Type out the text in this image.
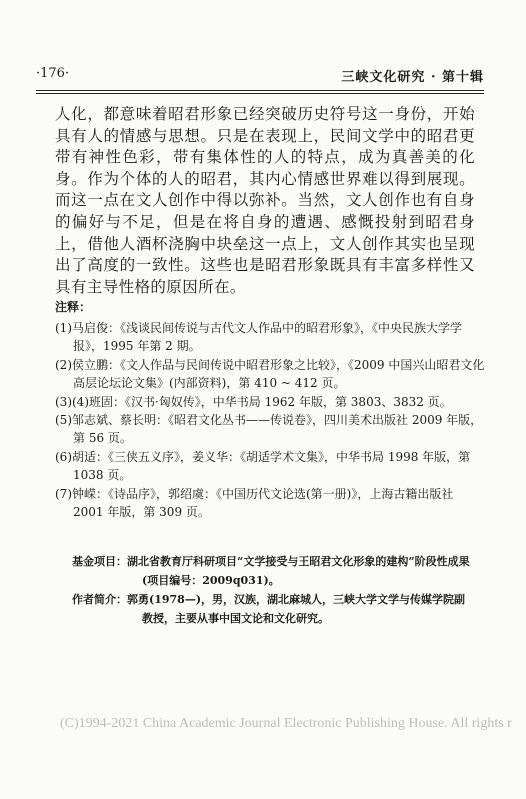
·176·	三峡文化研究 · 第十辑

人化，都意味着昭君形象已经突破历史符号这一身份，开始具有人的情感与思想。只是在表现上，民间文学中的昭君更带有神性色彩，带有集体性的人的特点，成为真善美的化身。作为个体的人的昭君，其内心情感世界难以得到展现。而这一点在文人创作中得以弥补。当然，文人创作也有自身的偏好与不足，但是在将自身的遭遇、感慨投射到昭君身上，借他人酒杯浇胸中块垒这一点上，文人创作其实也呈现出了高度的一致性。这些也是昭君形象既具有丰富多样性又具有主导性格的原因所在。

注释：

(1)马启俊：《浅谈民间传说与古代文人作品中的昭君形象》，《中央民族大学学报》，1995 年第 2 期。

(2)侯立鹏：《文人作品与民间传说中昭君形象之比较》，《2009 中国兴山昭君文化高层论坛论文集》(内部资料)，第 410 ~ 412 页。

(3)(4)班固：《汉书·匈奴传》，中华书局 1962 年版，第 3803、3832 页。

(5)邹志斌、蔡长明：《昭君文化丛书——传说卷》，四川美术出版社 2009 年版，第 56 页。

(6)胡适：《三侠五义序》，姜义华：《胡适学术文集》，中华书局 1998 年版，第 1038 页。

(7)钟嵘：《诗品序》，郭绍虞：《中国历代文论选(第一册)》，上海古籍出版社 2001 年版，第 309 页。

基金项目：湖北省教育厅科研项目“文学接受与王昭君文化形象的建构”阶段性成果(项目编号：2009q031)。
作者简介：郭勇(1978—)，男，汉族，湖北麻城人，三峡大学文学与传媒学院副教授，主要从事中国文论和文化研究。
(C)1994-2021 China Academic Journal Electronic Publishing House. All rights r
